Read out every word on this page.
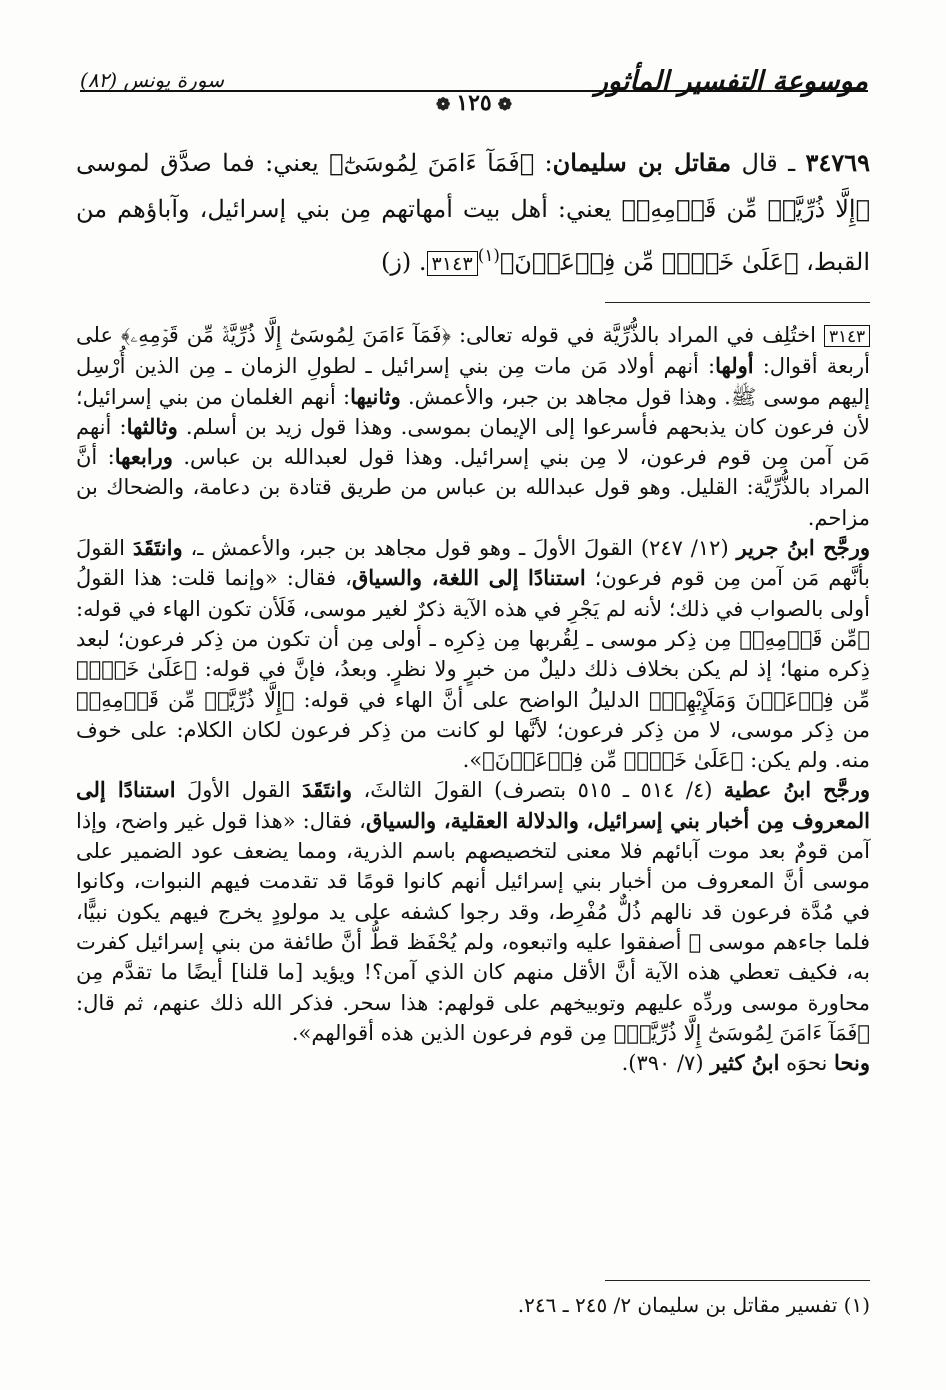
موسوعة التفسير المأثور
❁١٢٥❁
سورة يونس (٨٢)

٣٤٧٦٩ ـ قال مقاتل بن سليمان: ﴿فَمَآ ءَامَنَ لِمُوسَىٰٓ﴾ يعني: فما صدَّق لموسى ﴿إِلَّا ذُرِّيَّةٞ مِّن قَوۡمِهِۦ﴾ يعني: أهل بيت أمهاتهم مِن بني إسرائيل، وآباؤهم من القبط، ﴿عَلَىٰ خَوۡفٖ مِّن فِرۡعَوۡنَ﴾$^{(١)}$٣١٤٣. (ز)

٣١٤٣ اختُلِف في المراد بالذُّرِّيَّة في قوله تعالى: ﴿فَمَآ ءَامَنَ لِمُوسَىٰٓ إِلَّا ذُرِّيَّةٞ مِّن قَوۡمِهِۦ﴾ على أربعة أقوال: أولها: أنهم أولاد مَن مات مِن بني إسرائيل ـ لطولِ الزمان ـ مِن الذين أُرْسِل إليهم موسى ﷺ. وهذا قول مجاهد بن جبر، والأعمش. وثانيها: أنهم الغلمان من بني إسرائيل؛ لأن فرعون كان يذبحهم فأسرعوا إلى الإيمان بموسى. وهذا قول زيد بن أسلم. وثالثها: أنهم مَن آمن مِن قوم فرعون، لا مِن بني إسرائيل. وهذا قول لعبدالله بن عباس. ورابعها: أنَّ المراد بالذُّرِّيَّة: القليل. وهو قول عبدالله بن عباس من طريق قتادة بن دعامة، والضحاك بن مزاحم.

ورجَّح ابنُ جرير (١٢/ ٢٤٧) القولَ الأولَ ـ وهو قول مجاهد بن جبر، والأعمش ـ، وانتَقَدَ القولَ بأنَّهم مَن آمن مِن قوم فرعون؛ استنادًا إلى اللغة، والسياق، فقال: «وإنما قلت: هذا القولُ أولى بالصواب في ذلك؛ لأنه لم يَجْرِ في هذه الآية ذكرٌ لغير موسى، فَلَأن تكون الهاء في قوله: ﴿مِّن قَوۡمِهِۦ﴾ مِن ذِكر موسى ـ لِقُربها مِن ذِكرِه ـ أولى مِن أن تكون من ذِكر فرعون؛ لبعد ذِكره منها؛ إذ لم يكن بخلاف ذلك دليلٌ من خبرٍ ولا نظرٍ. وبعدُ، فإنَّ في قوله: ﴿عَلَىٰ خَوۡفٖ مِّن فِرۡعَوۡنَ وَمَلَإِيْهِمۡ﴾ الدليلُ الواضح على أنَّ الهاء في قوله: ﴿إِلَّا ذُرِّيَّةٞ مِّن قَوۡمِهِۦ﴾ من ذِكر موسى، لا من ذِكر فرعون؛ لأنَّها لو كانت من ذِكر فرعون لكان الكلام: على خوف منه. ولم يكن: ﴿عَلَىٰ خَوۡفٖ مِّن فِرۡعَوۡنَ﴾».

ورجَّح ابنُ عطية (٤/ ٥١٤ ـ ٥١٥ بتصرف) القولَ الثالثَ، وانتَقَدَ القول الأولَ استنادًا إلى المعروف مِن أخبار بني إسرائيل، والدلالة العقلية، والسياق، فقال: «هذا قول غير واضح، وإذا آمن قومٌ بعد موت آبائهم فلا معنى لتخصيصهم باسم الذرية، ومما يضعف عود الضمير على موسى أنَّ المعروف من أخبار بني إسرائيل أنهم كانوا قومًا قد تقدمت فيهم النبوات، وكانوا في مُدَّة فرعون قد نالهم ذُلٌّ مُفْرِط، وقد رجوا كشفه على يد مولودٍ يخرج فيهم يكون نبيًّا، فلما جاءهم موسى ﷺ أصفقوا عليه واتبعوه، ولم يُحْفَظ قطُّ أنَّ طائفة من بني إسرائيل كفرت به، فكيف تعطي هذه الآية أنَّ الأقل منهم كان الذي آمن؟! ويؤيد [ما قلنا] أيضًا ما تقدَّم مِن محاورة موسى وردِّه عليهم وتوبيخهم على قولهم: هذا سحر. فذكر الله ذلك عنهم، ثم قال: ﴿فَمَآ ءَامَنَ لِمُوسَىٰٓ إِلَّا ذُرِّيَّةٞ﴾ مِن قوم فرعون الذين هذه أقوالهم».

ونحا نحوَه ابنُ كثير (٧/ ٣٩٠).

(١) تفسير مقاتل بن سليمان ٢/ ٢٤٥ ـ ٢٤٦.
